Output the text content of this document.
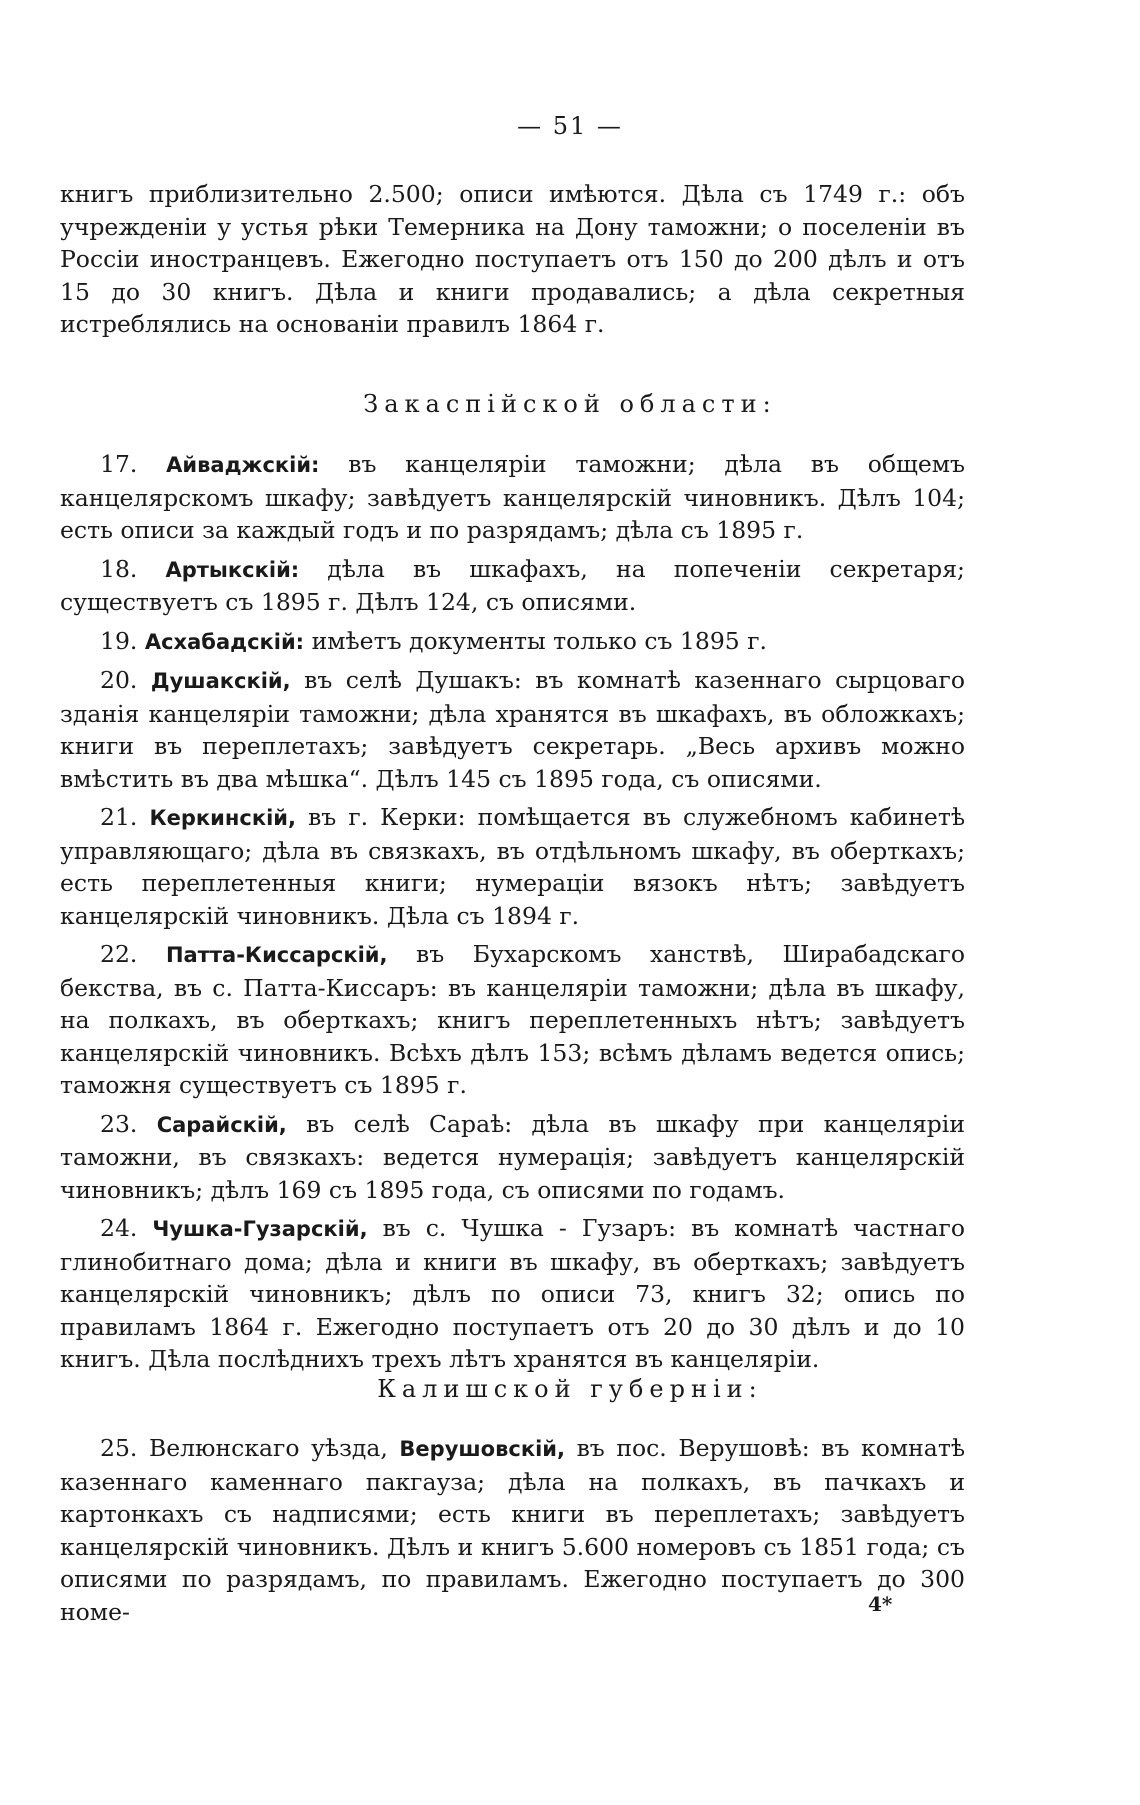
— 51 —
книгъ приблизительно 2.500; описи имѣются. Дѣла съ 1749 г.: объ учрежденіи у устья рѣки Темерника на Дону таможни; о поселеніи въ Россіи иностранцевъ. Ежегодно поступаетъ отъ 150 до 200 дѣлъ и отъ 15 до 30 книгъ. Дѣла и книги продавались; а дѣла секретныя истреблялись на основаніи правилъ 1864 г.
Закаспійской области:

17. Айваджскій: въ канцеляріи таможни; дѣла въ общемъ канцелярскомъ шкафу; завѣдуетъ канцелярскій чиновникъ. Дѣлъ 104; есть описи за каждый годъ и по разрядамъ; дѣла съ 1895 г.

18. Артыкскій: дѣла въ шкафахъ, на попеченіи секретаря; существуетъ съ 1895 г. Дѣлъ 124, съ описями.

19. Асхабадскій: имѣетъ документы только съ 1895 г.

20. Душакскій, въ селѣ Душакъ: въ комнатѣ казеннаго сырцоваго зданія канцеляріи таможни; дѣла хранятся въ шкафахъ, въ обложкахъ; книги въ переплетахъ; завѣдуетъ секретарь. „Весь архивъ можно вмѣстить въ два мѣшка“. Дѣлъ 145 съ 1895 года, съ описями.

21. Керкинскій, въ г. Керки: помѣщается въ служебномъ кабинетѣ управляющаго; дѣла въ связкахъ, въ отдѣльномъ шкафу, въ оберткахъ; есть переплетенныя книги; нумераціи вязокъ нѣтъ; завѣдуетъ канцелярскій чиновникъ. Дѣла съ 1894 г.

22. Патта-Киссарскій, въ Бухарскомъ ханствѣ, Ширабадскаго бекства, въ с. Патта-Киссаръ: въ канцеляріи таможни; дѣла въ шкафу, на полкахъ, въ оберткахъ; книгъ переплетенныхъ нѣтъ; завѣдуетъ канцелярскій чиновникъ. Всѣхъ дѣлъ 153; всѣмъ дѣламъ ведется опись; таможня существуетъ съ 1895 г.

23. Сарайскій, въ селѣ Сараѣ: дѣла въ шкафу при канцеляріи таможни, въ связкахъ: ведется нумерація; завѣдуетъ канцелярскій чиновникъ; дѣлъ 169 съ 1895 года, съ описями по годамъ.

24. Чушка-Гузарскій, въ с. Чушка - Гузаръ: въ комнатѣ частнаго глинобитнаго дома; дѣла и книги въ шкафу, въ оберткахъ; завѣдуетъ канцелярскій чиновникъ; дѣлъ по описи 73, книгъ 32; опись по правиламъ 1864 г. Ежегодно поступаетъ отъ 20 до 30 дѣлъ и до 10 книгъ. Дѣла послѣднихъ трехъ лѣтъ хранятся въ канцеляріи.

Калишской губерніи:

25. Велюнскаго уѣзда, Верушовскій, въ пос. Верушовѣ: въ комнатѣ казеннаго каменнаго пакгауза; дѣла на полкахъ, въ пачкахъ и картонкахъ съ надписями; есть книги въ переплетахъ; завѣдуетъ канцелярскій чиновникъ. Дѣлъ и книгъ 5.600 номеровъ съ 1851 года; съ описями по разрядамъ, по правиламъ. Ежегодно поступаетъ до 300 номе-	4*
